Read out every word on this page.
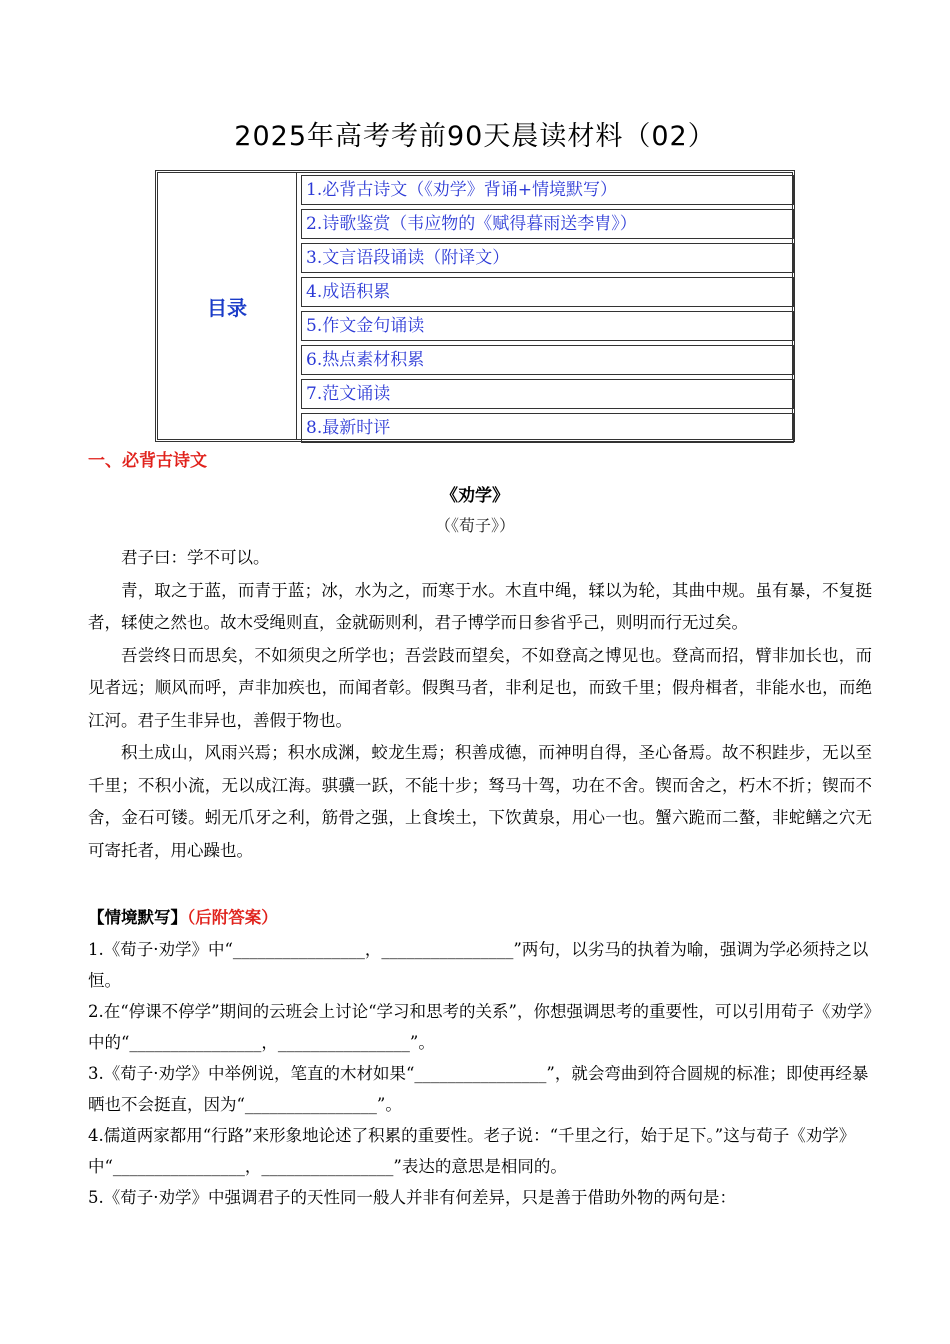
2025年高考考前90天晨读材料（02）
目录
1.必背古诗文（《劝学》背诵+情境默写）
2.诗歌鉴赏（韦应物的《赋得暮雨送李胄》）
3.文言语段诵读（附译文）
4.成语积累
5.作文金句诵读
6.热点素材积累
7.范文诵读
8.最新时评
一、必背古诗文
《劝学》
（《荀子》）

君子曰：学不可以。

青，取之于蓝，而青于蓝；冰，水为之，而寒于水。木直中绳，𫐓以为轮，其曲中规。虽有暴，不复挺者，𫐓使之然也。故木受绳则直，金就砺则利，君子博学而日参省乎己，则明而行无过矣。

吾尝终日而思矣，不如须臾之所学也；吾尝跂而望矣，不如登高之博见也。登高而招，臂非加长也，而见者远；顺风而呼，声非加疾也，而闻者彰。假舆马者，非利足也，而致千里；假舟楫者，非能水也，而绝江河。君子生非异也，善假于物也。

积土成山，风雨兴焉；积水成渊，蛟龙生焉；积善成德，而神明自得，圣心备焉。故不积跬步，无以至千里；不积小流，无以成江海。骐骥一跃，不能十步；驽马十驾，功在不舍。锲而舍之，朽木不折；锲而不舍，金石可镂。蚓无爪牙之利，筋骨之强，上食埃土，下饮黄泉，用心一也。蟹六跪而二螯，非蛇鳝之穴无可寄托者，用心躁也。

【情境默写】（后附答案）

1.《荀子·劝学》中“________________，________________”两句，以劣马的执着为喻，强调为学必须持之以恒。

2.在“停课不停学”期间的云班会上讨论“学习和思考的关系”，你想强调思考的重要性，可以引用荀子《劝学》中的“________________，________________”。

3.《荀子·劝学》中举例说，笔直的木材如果“________________”，就会弯曲到符合圆规的标准；即使再经暴晒也不会挺直，因为“________________”。

4.儒道两家都用“行路”来形象地论述了积累的重要性。老子说：“千里之行，始于足下。”这与荀子《劝学》中“________________，________________”表达的意思是相同的。

5.《荀子·劝学》中强调君子的天性同一般人并非有何差异，只是善于借助外物的两句是：
